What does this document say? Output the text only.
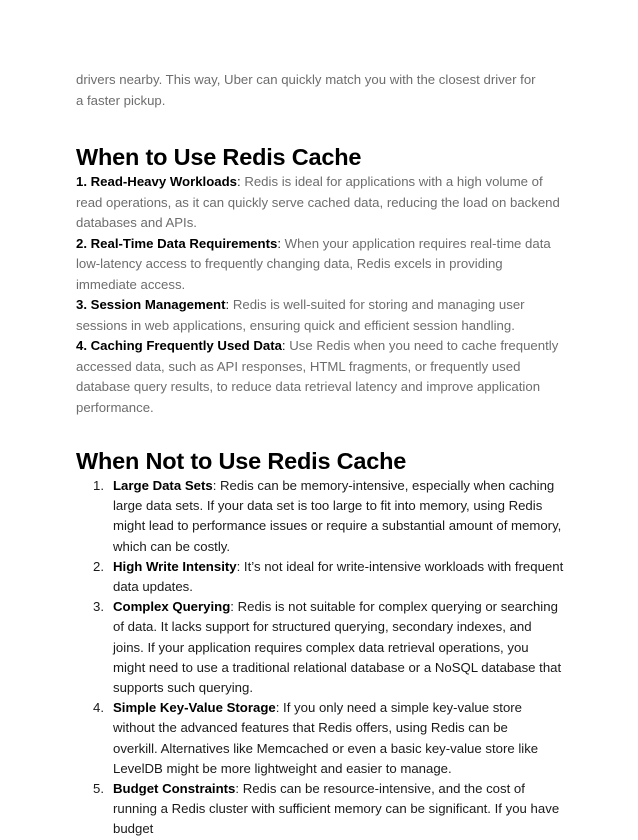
drivers nearby. This way, Uber can quickly match you with the closest driver for a faster pickup.

When to Use Redis Cache

1. Read-Heavy Workloads: Redis is ideal for applications with a high volume of read operations, as it can quickly serve cached data, reducing the load on backend databases and APIs.

2. Real-Time Data Requirements: When your application requires real-time data low-latency access to frequently changing data, Redis excels in providing immediate access.

3. Session Management: Redis is well-suited for storing and managing user sessions in web applications, ensuring quick and efficient session handling.

4. Caching Frequently Used Data: Use Redis when you need to cache frequently accessed data, such as API responses, HTML fragments, or frequently used database query results, to reduce data retrieval latency and improve application performance.

When Not to Use Redis Cache
1. Large Data Sets: Redis can be memory-intensive, especially when caching large data sets. If your data set is too large to fit into memory, using Redis might lead to performance issues or require a substantial amount of memory, which can be costly.
2. High Write Intensity: It’s not ideal for write-intensive workloads with frequent data updates.
3. Complex Querying: Redis is not suitable for complex querying or searching of data. It lacks support for structured querying, secondary indexes, and joins. If your application requires complex data retrieval operations, you might need to use a traditional relational database or a NoSQL database that supports such querying.
4. Simple Key-Value Storage: If you only need a simple key-value store without the advanced features that Redis offers, using Redis can be overkill. Alternatives like Memcached or even a basic key-value store like LevelDB might be more lightweight and easier to manage.
5. Budget Constraints: Redis can be resource-intensive, and the cost of running a Redis cluster with sufficient memory can be significant. If you have budget
